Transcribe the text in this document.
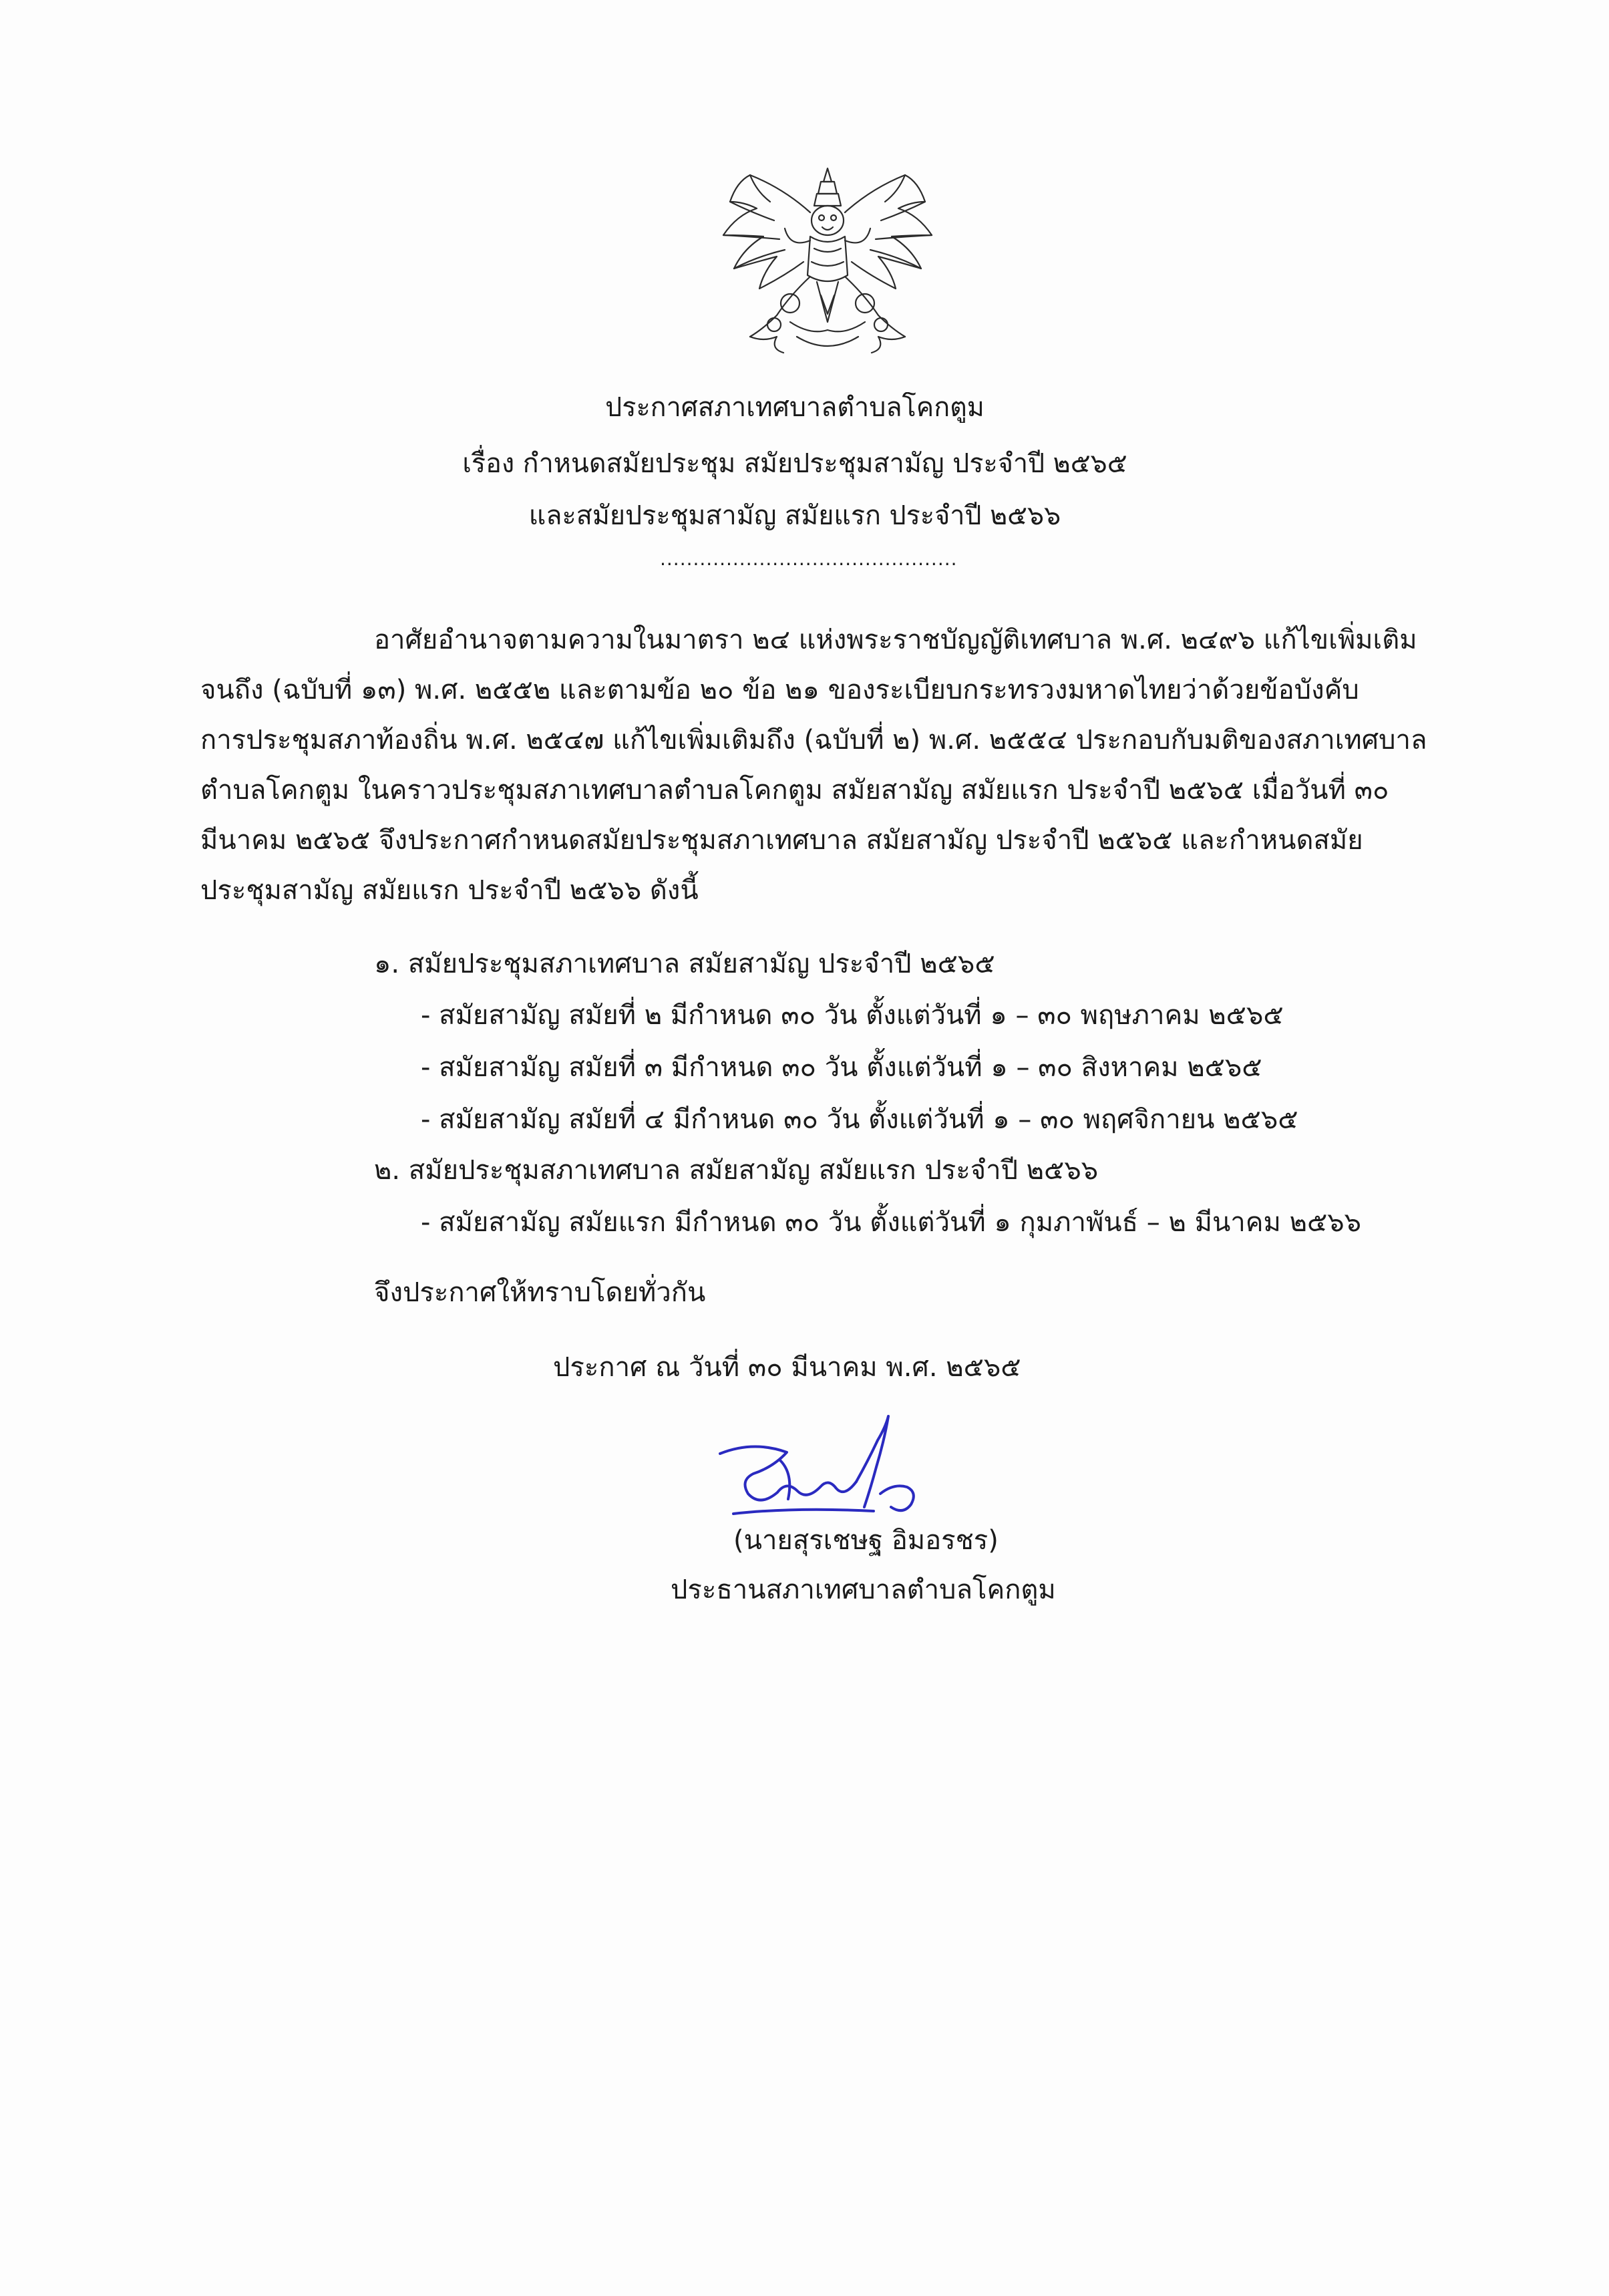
ประกาศสภาเทศบาลตำบลโคกตูม
เรื่อง กำหนดสมัยประชุม สมัยประชุมสามัญ ประจำปี ๒๕๖๕
และสมัยประชุมสามัญ สมัยแรก ประจำปี ๒๕๖๖
.............................................
อาศัยอำนาจตามความในมาตรา ๒๔ แห่งพระราชบัญญัติเทศบาล พ.ศ. ๒๔๙๖ แก้ไขเพิ่มเติม
จนถึง (ฉบับที่ ๑๓) พ.ศ. ๒๕๕๒ และตามข้อ ๒๐ ข้อ ๒๑ ของระเบียบกระทรวงมหาดไทยว่าด้วยข้อบังคับ
การประชุมสภาท้องถิ่น พ.ศ. ๒๕๔๗ แก้ไขเพิ่มเติมถึง (ฉบับที่ ๒) พ.ศ. ๒๕๕๔ ประกอบกับมติของสภาเทศบาล
ตำบลโคกตูม ในคราวประชุมสภาเทศบาลตำบลโคกตูม สมัยสามัญ สมัยแรก ประจำปี ๒๕๖๕ เมื่อวันที่ ๓๐
มีนาคม ๒๕๖๕ จึงประกาศกำหนดสมัยประชุมสภาเทศบาล สมัยสามัญ ประจำปี ๒๕๖๕ และกำหนดสมัย
ประชุมสามัญ สมัยแรก ประจำปี ๒๕๖๖ ดังนี้
๑. สมัยประชุมสภาเทศบาล สมัยสามัญ ประจำปี ๒๕๖๕
- สมัยสามัญ สมัยที่ ๒ มีกำหนด ๓๐ วัน ตั้งแต่วันที่ ๑ – ๓๐ พฤษภาคม ๒๕๖๕
- สมัยสามัญ สมัยที่ ๓ มีกำหนด ๓๐ วัน ตั้งแต่วันที่ ๑ – ๓๐ สิงหาคม ๒๕๖๕
- สมัยสามัญ สมัยที่ ๔ มีกำหนด ๓๐ วัน ตั้งแต่วันที่ ๑ – ๓๐ พฤศจิกายน ๒๕๖๕
๒. สมัยประชุมสภาเทศบาล สมัยสามัญ สมัยแรก ประจำปี ๒๕๖๖
- สมัยสามัญ สมัยแรก มีกำหนด ๓๐ วัน ตั้งแต่วันที่ ๑ กุมภาพันธ์ – ๒ มีนาคม ๒๕๖๖
จึงประกาศให้ทราบโดยทั่วกัน
ประกาศ ณ วันที่ ๓๐ มีนาคม พ.ศ. ๒๕๖๕
(นายสุรเชษฐ อิมอรชร)
ประธานสภาเทศบาลตำบลโคกตูม
